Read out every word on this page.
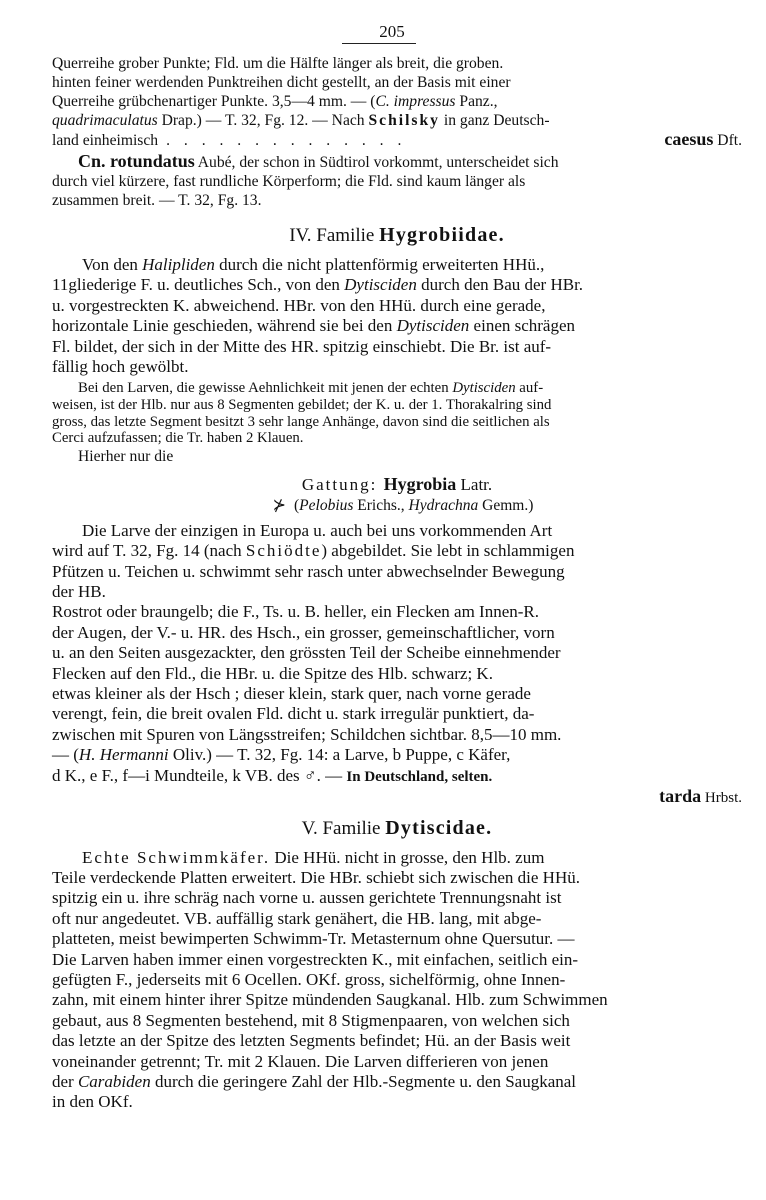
205

Querreihe grober Punkte; Fld. um die Hälfte länger als breit, die groben.
hinten feiner werdenden Punktreihen dicht gestellt, an der Basis mit einer
Querreihe grübchenartiger Punkte. 3,5—4 mm. — (C. impressus Panz.,
quadrimaculatus Drap.) — T. 32, Fg. 12. — Nach Schilsky in ganz Deutsch-

land einheimisch . . . . . . . . . . . . . .	caesus Dft.

Cn. rotundatus Aubé, der schon in Südtirol vorkommt, unterscheidet sich
durch viel kürzere, fast rundliche Körperform; die Fld. sind kaum länger als
zusammen breit. — T. 32, Fg. 13.

IV. Familie Hygrobiidae.

Von den Halipliden durch die nicht plattenförmig erweiterten HHü.,
11gliederige F. u. deutliches Sch., von den Dytisciden durch den Bau der HBr.
u. vorgestreckten K. abweichend. HBr. von den HHü. durch eine gerade,
horizontale Linie geschieden, während sie bei den Dytisciden einen schrägen
Fl. bildet, der sich in der Mitte des HR. spitzig einschiebt. Die Br. ist auf-
fällig hoch gewölbt.

Bei den Larven, die gewisse Aehnlichkeit mit jenen der echten Dytisciden auf-
weisen, ist der Hlb. nur aus 8 Segmenten gebildet; der K. u. der 1. Thorakalring sind
gross, das letzte Segment besitzt 3 sehr lange Anhänge, davon sind die seitlichen als
Cerci aufzufassen; die Tr. haben 2 Klauen.

Hierher nur die

Gattung: Hygrobia Latr.
⊁ (Pelobius Erichs., Hydrachna Gemm.)

Die Larve der einzigen in Europa u. auch bei uns vorkommenden Art
wird auf T. 32, Fg. 14 (nach Schiödte) abgebildet. Sie lebt in schlammigen
Pfützen u. Teichen u. schwimmt sehr rasch unter abwechselnder Bewegung
der HB.

Rostrot oder braungelb; die F., Ts. u. B. heller, ein Flecken am Innen-R.
der Augen, der V.- u. HR. des Hsch., ein grosser, gemeinschaftlicher, vorn
u. an den Seiten ausgezackter, den grössten Teil der Scheibe einnehmender
Flecken auf den Fld., die HBr. u. die Spitze des Hlb. schwarz; K.
etwas kleiner als der Hsch ; dieser klein, stark quer, nach vorne gerade
verengt, fein, die breit ovalen Fld. dicht u. stark irregulär punktiert, da-
zwischen mit Spuren von Längsstreifen; Schildchen sichtbar. 8,5—10 mm.
— (H. Hermanni Oliv.) — T. 32, Fg. 14: a Larve, b Puppe, c Käfer,
d K., e F., f—i Mundteile, k VB. des ♂. — In Deutschland, selten.

tarda Hrbst.
V. Familie Dytiscidae.

Echte Schwimmkäfer. Die HHü. nicht in grosse, den Hlb. zum
Teile verdeckende Platten erweitert. Die HBr. schiebt sich zwischen die HHü.
spitzig ein u. ihre schräg nach vorne u. aussen gerichtete Trennungsnaht ist
oft nur angedeutet. VB. auffällig stark genähert, die HB. lang, mit abge-
platteten, meist bewimperten Schwimm-Tr. Metasternum ohne Quersutur. —
Die Larven haben immer einen vorgestreckten K., mit einfachen, seitlich ein-
gefügten F., jederseits mit 6 Ocellen. OKf. gross, sichelförmig, ohne Innen-
zahn, mit einem hinter ihrer Spitze mündenden Saugkanal. Hlb. zum Schwimmen
gebaut, aus 8 Segmenten bestehend, mit 8 Stigmenpaaren, von welchen sich
das letzte an der Spitze des letzten Segments befindet; Hü. an der Basis weit
voneinander getrennt; Tr. mit 2 Klauen. Die Larven differieren von jenen
der Carabiden durch die geringere Zahl der Hlb.-Segmente u. den Saugkanal
in den OKf.
